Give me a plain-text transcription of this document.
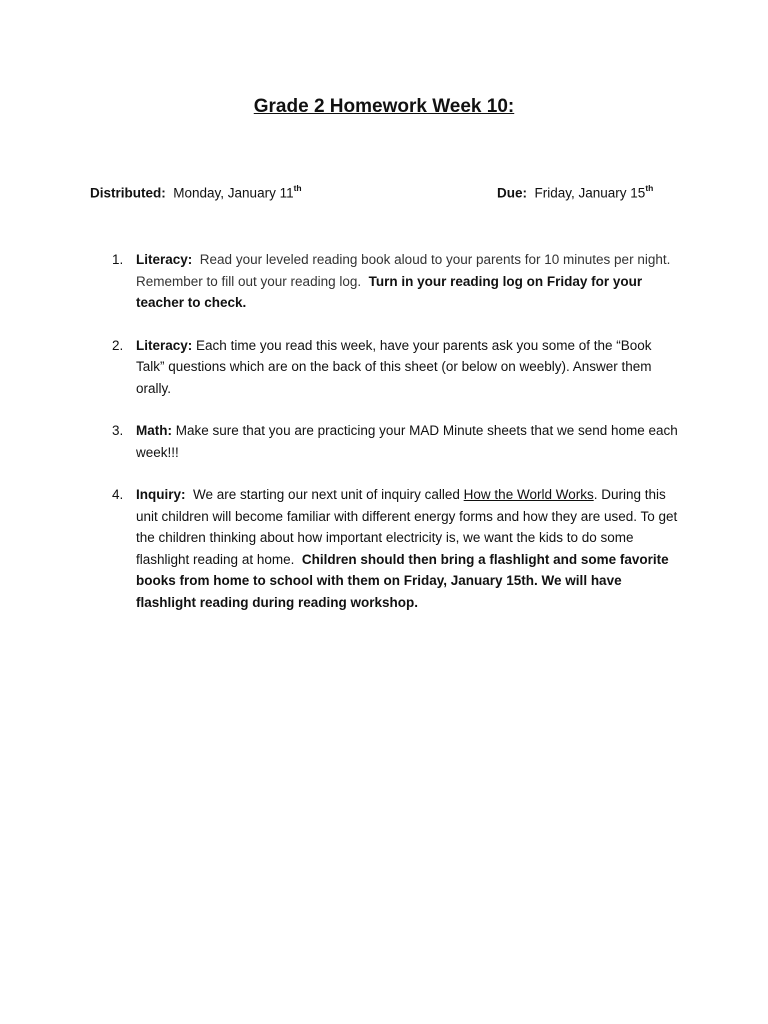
Grade 2 Homework Week 10:
Distributed: Monday, January 11th	Due: Friday, January 15th
1. Literacy: Read your leveled reading book aloud to your parents for 10 minutes per night. Remember to fill out your reading log. Turn in your reading log on Friday for your teacher to check.
2. Literacy: Each time you read this week, have your parents ask you some of the “Book Talk” questions which are on the back of this sheet (or below on weebly). Answer them orally.
3. Math: Make sure that you are practicing your MAD Minute sheets that we send home each week!!!
4. Inquiry: We are starting our next unit of inquiry called How the World Works. During this unit children will become familiar with different energy forms and how they are used. To get the children thinking about how important electricity is, we want the kids to do some flashlight reading at home. Children should then bring a flashlight and some favorite books from home to school with them on Friday, January 15th. We will have flashlight reading during reading workshop.
